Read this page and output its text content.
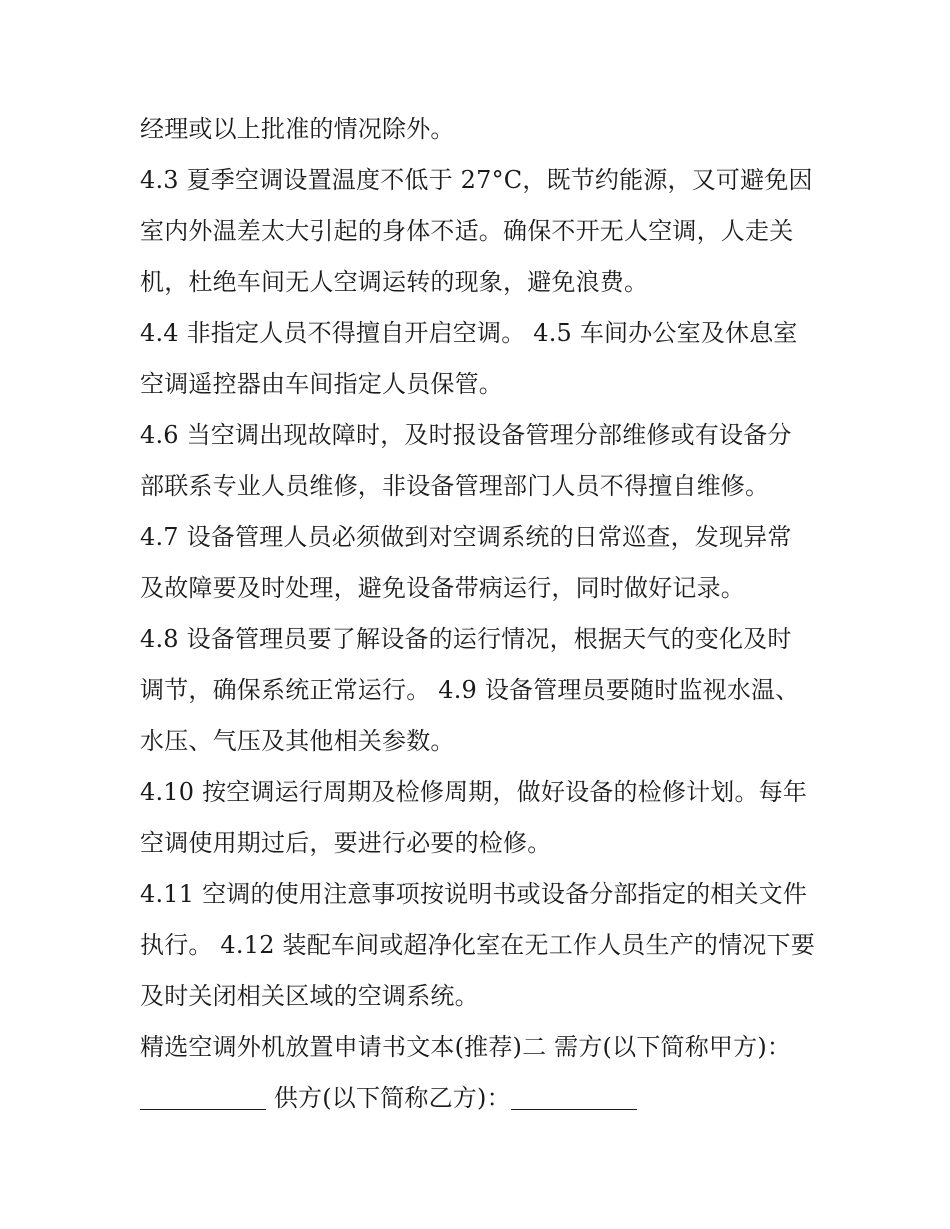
经理或以上批准的情况除外。
4.3 夏季空调设置温度不低于 27°C，既节约能源，又可避免因
室内外温差太大引起的身体不适。确保不开无人空调，人走关
机，杜绝车间无人空调运转的现象，避免浪费。
4.4 非指定人员不得擅自开启空调。 4.5 车间办公室及休息室
空调遥控器由车间指定人员保管。
4.6 当空调出现故障时，及时报设备管理分部维修或有设备分
部联系专业人员维修，非设备管理部门人员不得擅自维修。
4.7 设备管理人员必须做到对空调系统的日常巡查，发现异常
及故障要及时处理，避免设备带病运行，同时做好记录。
4.8 设备管理员要了解设备的运行情况，根据天气的变化及时
调节，确保系统正常运行。 4.9 设备管理员要随时监视水温、
水压、气压及其他相关参数。
4.10 按空调运行周期及检修周期，做好设备的检修计划。每年
空调使用期过后，要进行必要的检修。
4.11 空调的使用注意事项按说明书或设备分部指定的相关文件
执行。 4.12 装配车间或超净化室在无工作人员生产的情况下要
及时关闭相关区域的空调系统。
精选空调外机放置申请书文本(推荐)二 需方(以下简称甲方)：
供方(以下简称乙方)：
